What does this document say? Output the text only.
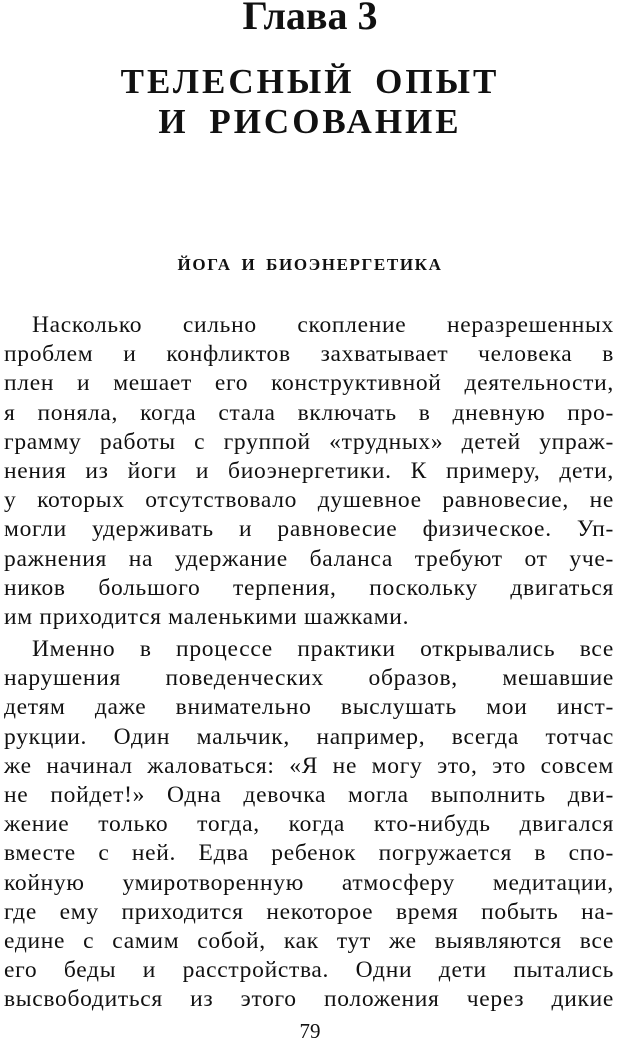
Глава 3
ТЕЛЕСНЫЙ ОПЫТ
И РИСОВАНИЕ
ЙОГА И БИОЭНЕРГЕТИКА
Насколько сильно скопление неразрешенных
проблем и конфликтов захватывает человека в
плен и мешает его конструктивной деятельности,
я поняла, когда стала включать в дневную про-
грамму работы с группой «трудных» детей упраж-
нения из йоги и биоэнергетики. К примеру, дети,
у которых отсутствовало душевное равновесие, не
могли удерживать и равновесие физическое. Уп-
ражнения на удержание баланса требуют от уче-
ников большого терпения, поскольку двигаться
им приходится маленькими шажками.
Именно в процессе практики открывались все
нарушения поведенческих образов, мешавшие
детям даже внимательно выслушать мои инст-
рукции. Один мальчик, например, всегда тотчас
же начинал жаловаться: «Я не могу это, это совсем
не пойдет!» Одна девочка могла выполнить дви-
жение только тогда, когда кто-нибудь двигался
вместе с ней. Едва ребенок погружается в спо-
койную умиротворенную атмосферу медитации,
где ему приходится некоторое время побыть на-
едине с самим собой, как тут же выявляются все
его беды и расстройства. Одни дети пытались
высвободиться из этого положения через дикие
79
